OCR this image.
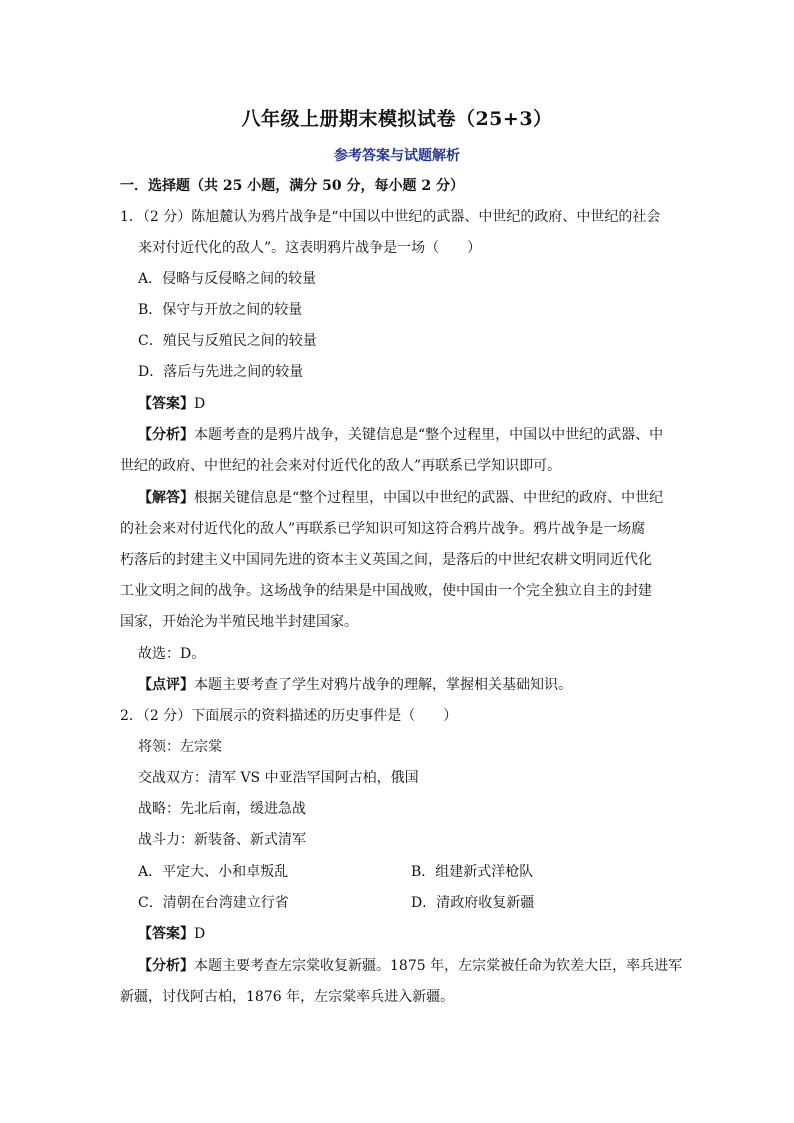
八年级上册期末模拟试卷（25+3）
参考答案与试题解析
一．选择题（共 25 小题，满分 50 分，每小题 2 分）
1．（2 分）陈旭麓认为鸦片战争是“中国以中世纪的武器、中世纪的政府、中世纪的社会
来对付近代化的敌人”。这表明鸦片战争是一场（　　）
A．侵略与反侵略之间的较量
B．保守与开放之间的较量
C．殖民与反殖民之间的较量
D．落后与先进之间的较量
【答案】D
【分析】本题考查的是鸦片战争，关键信息是“整个过程里，中国以中世纪的武器、中
世纪的政府、中世纪的社会来对付近代化的敌人”再联系已学知识即可。
【解答】根据关键信息是“整个过程里，中国以中世纪的武器、中世纪的政府、中世纪
的社会来对付近代化的敌人”再联系已学知识可知这符合鸦片战争。鸦片战争是一场腐
朽落后的封建主义中国同先进的资本主义英国之间，是落后的中世纪农耕文明同近代化
工业文明之间的战争。这场战争的结果是中国战败，使中国由一个完全独立自主的封建
国家，开始沦为半殖民地半封建国家。
故选：D。
【点评】本题主要考查了学生对鸦片战争的理解，掌握相关基础知识。
2．（2 分）下面展示的资料描述的历史事件是（　　）
将领：左宗棠
交战双方：清军 VS 中亚浩罕国阿古柏，俄国
战略：先北后南，缓进急战
战斗力：新装备、新式清军
A．平定大、小和卓叛乱	B．组建新式洋枪队
C．清朝在台湾建立行省	D．清政府收复新疆
【答案】D
【分析】本题主要考查左宗棠收复新疆。1875 年，左宗棠被任命为钦差大臣，率兵进军
新疆，讨伐阿古柏，1876 年，左宗棠率兵进入新疆。
